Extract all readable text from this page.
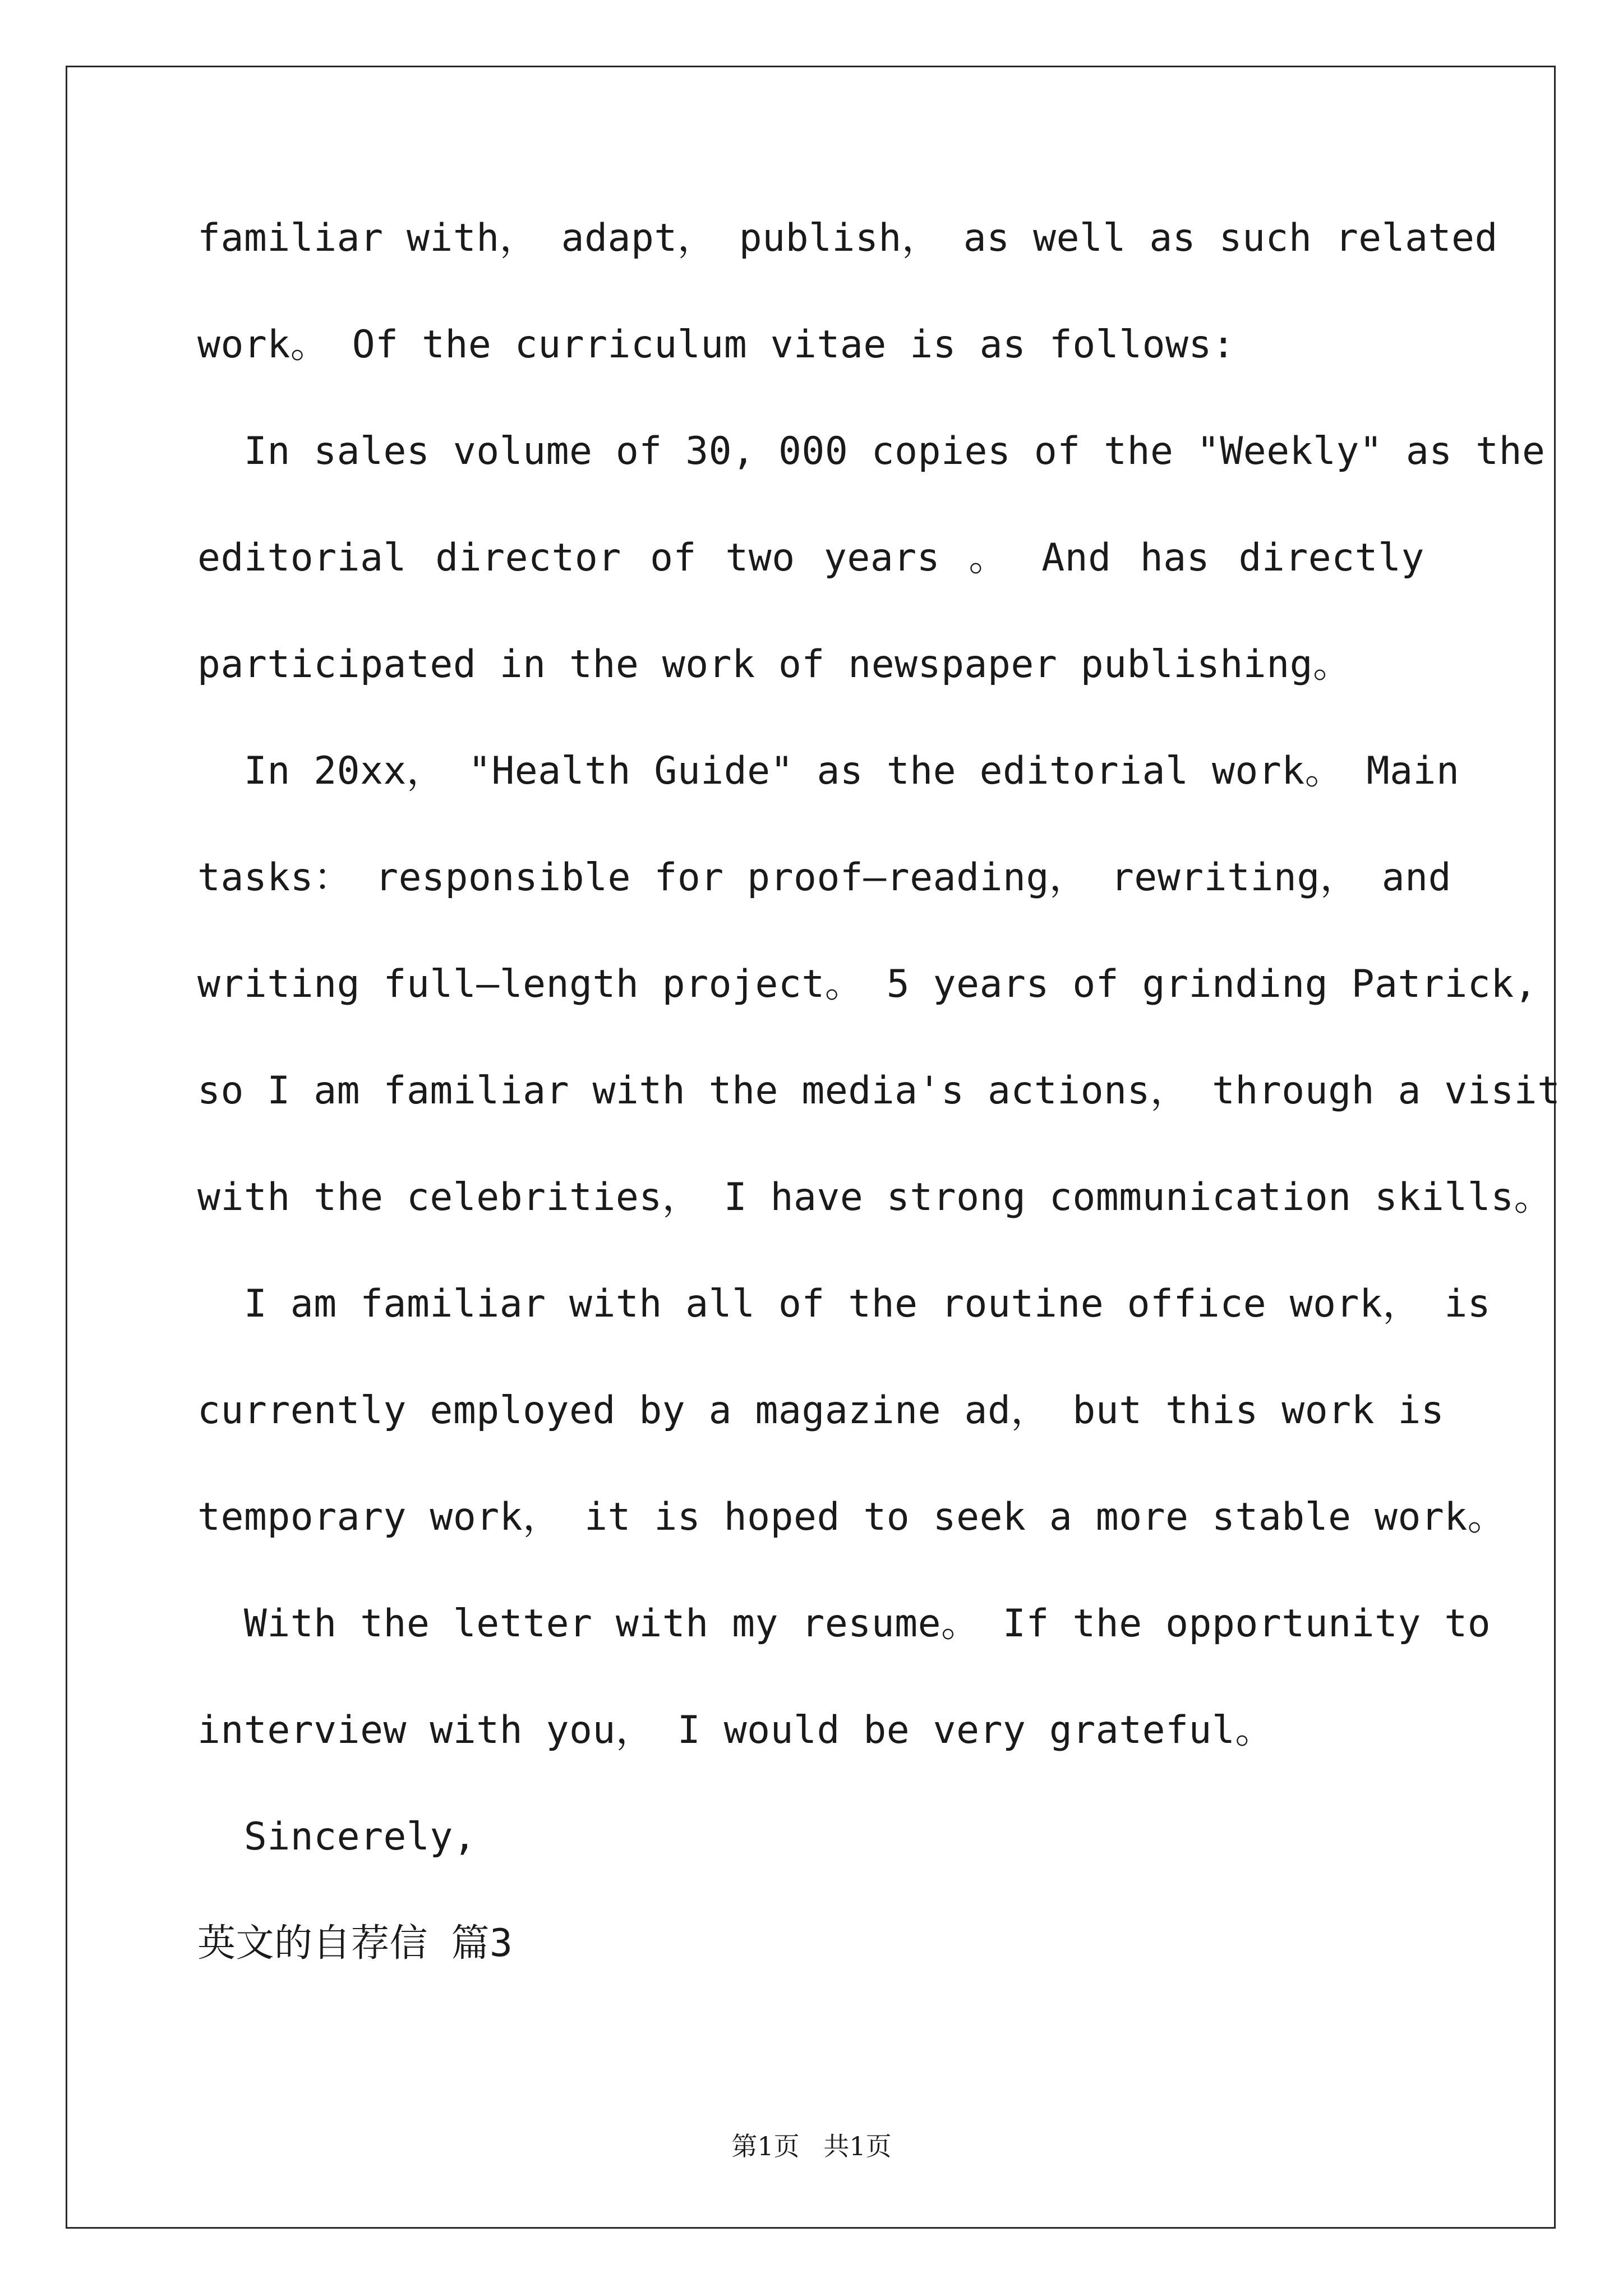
familiar with， adapt， publish， as well as such related
work。 Of the curriculum vitae is as follows:
In sales volume of 30, 000 copies of the "Weekly" as the
editorial director of two years 。 And has directly
participated in the work of newspaper publishing。
In 20xx， "Health Guide" as the editorial work。 Main
tasks： responsible for proof—reading， rewriting， and
writing full—length project。 5 years of grinding Patrick,
so I am familiar with the media's actions， through a visit
with the celebrities， I have strong communication skills。
I am familiar with all of the routine office work， is
currently employed by a magazine ad， but this work is
temporary work， it is hoped to seek a more stable work。
With the letter with my resume。 If the opportunity to
interview with you， I would be very grateful。
Sincerely,
英文的自荐信 篇3
第1页 共1页
